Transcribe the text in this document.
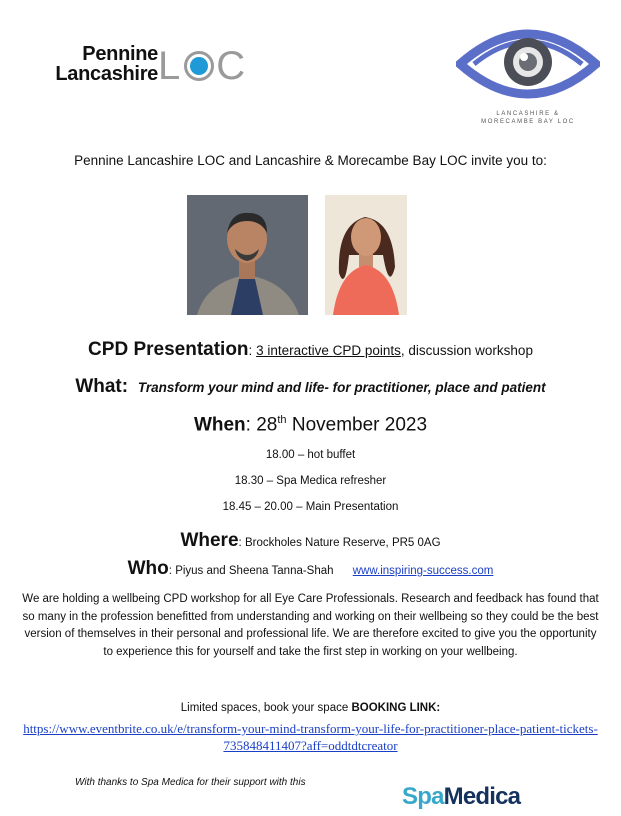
Pennine
Lancashire L C
LANCASHIRE &
MORECAMBE BAY LOC
Pennine Lancashire LOC and Lancashire & Morecambe Bay LOC invite you to:
CPD Presentation: 3 interactive CPD points, discussion workshop
What: Transform your mind and life- for practitioner, place and patient
When: 28th November 2023
18.00 – hot buffet
18.30 – Spa Medica refresher
18.45 – 20.00 – Main Presentation
Where: Brockholes Nature Reserve, PR5 0AG
Who: Piyus and Sheena Tanna-Shah www.inspiring-success.com
We are holding a wellbeing CPD workshop for all Eye Care Professionals. Research and feedback has found that so many in the profession benefitted from understanding and working on their wellbeing so they could be the best version of themselves in their personal and professional life. We are therefore excited to give you the opportunity to experience this for yourself and take the first step in working on your wellbeing.
Limited spaces, book your space BOOKING LINK:
https://www.eventbrite.co.uk/e/transform-your-mind-transform-your-life-for-practitioner-place-patient-tickets-735848411407?aff=oddtdtcreator
With thanks to Spa Medica for their support with this
SpaMedica
